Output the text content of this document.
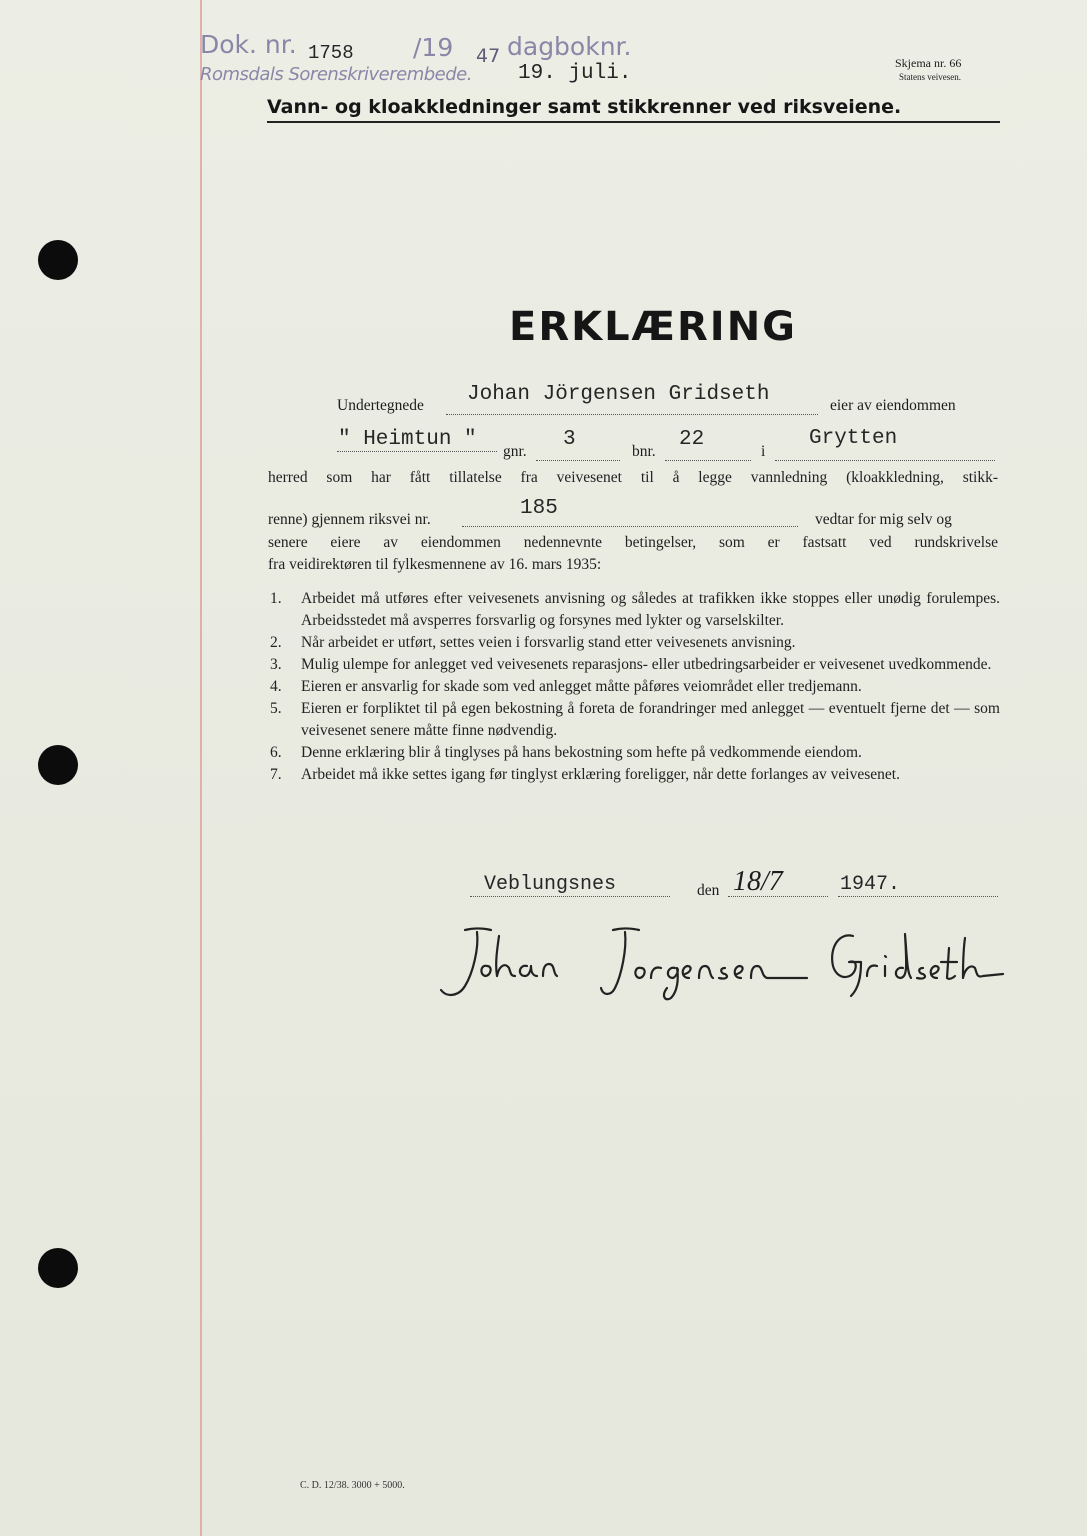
Dok. nr. 1758 /19 47 dagboknr.
Romsdals Sorenskriverembede. 19. juli.	Skjema nr. 66
Statens veivesen.
Vann- og kloakkledninger samt stikkrenner ved riksveiene.
ERKLÆRING
Undertegnede Johan Jörgensen Gridseth	eier av eiendommen
" Heimtun "
gnr.
3
bnr.
22
i
Grytten
herred som har fått tillatelse fra veivesenet til å legge vannledning (kloakkledning, stikk-
renne) gjennem riksvei nr.	185	vedtar for mig selv og
senere eiere av eiendommen nedennevnte betingelser, som er fastsatt ved rundskrivelse
fra veidirektøren til fylkesmennene av 16. mars 1935:
1.	Arbeidet må utføres efter veivesenets anvisning og således at trafikken ikke stoppes eller unødig forulempes. Arbeidsstedet må avsperres forsvarlig og forsynes med lykter og varselskilter.
2.	Når arbeidet er utført, settes veien i forsvarlig stand etter veivesenets anvisning.
3.	Mulig ulempe for anlegget ved veivesenets reparasjons- eller utbedringsarbeider er veivesenet uvedkommende.
4.	Eieren er ansvarlig for skade som ved anlegget måtte påføres veiområdet eller tredjemann.
5.	Eieren er forpliktet til på egen bekostning å foreta de forandringer med anlegget — eventuelt fjerne det — som veivesenet senere måtte finne nødvendig.
6.	Denne erklæring blir å tinglyses på hans bekostning som hefte på vedkommende eiendom.
7.	Arbeidet må ikke settes igang før tinglyst erklæring foreligger, når dette forlanges av veivesenet.
Veblungsnes	den 18/7	1947.
C. D. 12/38. 3000 + 5000.
